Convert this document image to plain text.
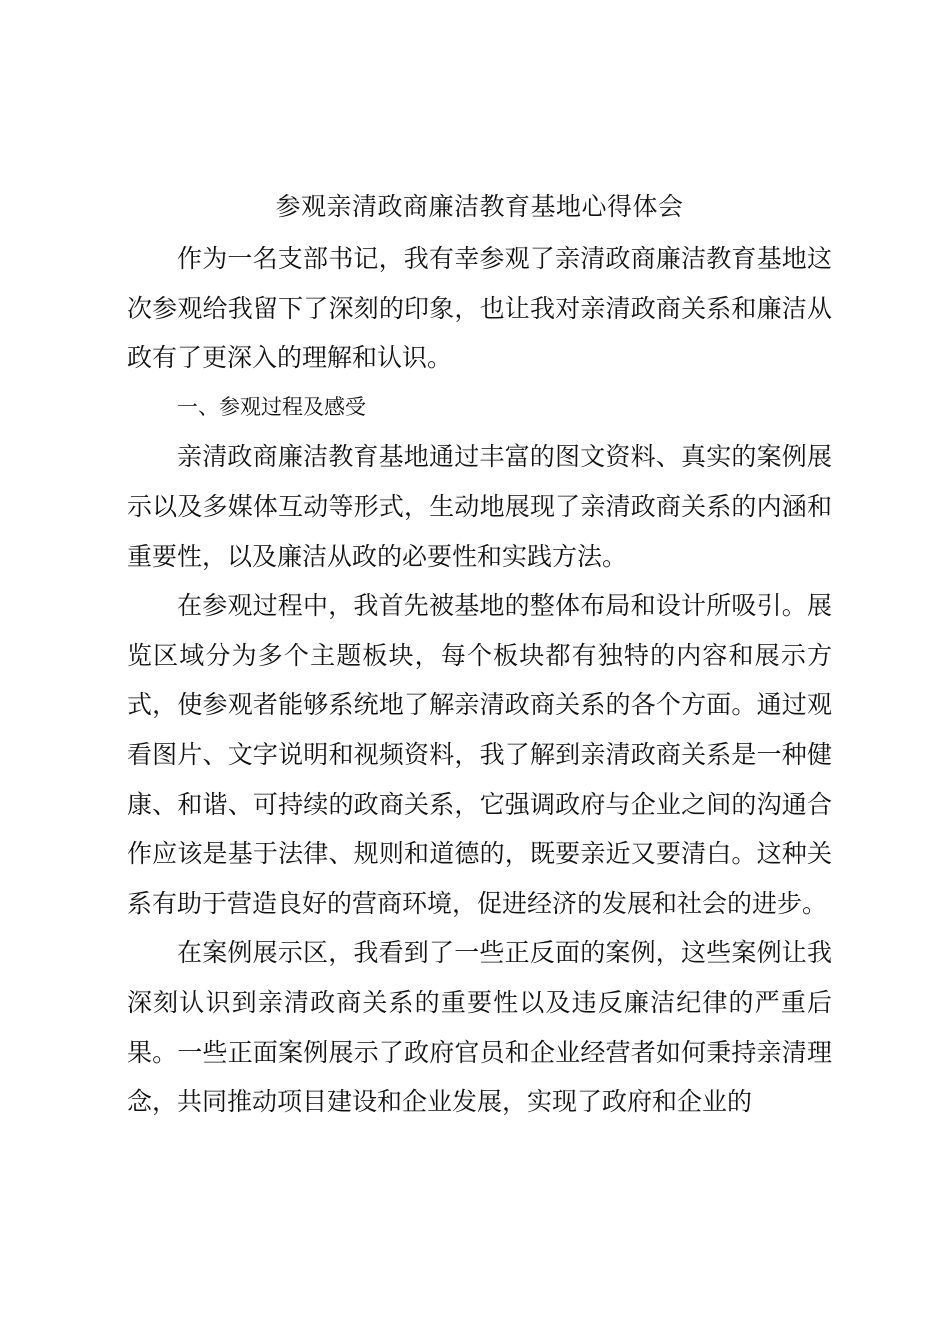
参观亲清政商廉洁教育基地心得体会

作为一名支部书记，我有幸参观了亲清政商廉洁教育基地这次参观给我留下了深刻的印象，也让我对亲清政商关系和廉洁从政有了更深入的理解和认识。

一、参观过程及感受

亲清政商廉洁教育基地通过丰富的图文资料、真实的案例展示以及多媒体互动等形式，生动地展现了亲清政商关系的内涵和重要性，以及廉洁从政的必要性和实践方法。

在参观过程中，我首先被基地的整体布局和设计所吸引。展览区域分为多个主题板块，每个板块都有独特的内容和展示方式，使参观者能够系统地了解亲清政商关系的各个方面。通过观看图片、文字说明和视频资料，我了解到亲清政商关系是一种健康、和谐、可持续的政商关系，它强调政府与企业之间的沟通合作应该是基于法律、规则和道德的，既要亲近又要清白。这种关系有助于营造良好的营商环境，促进经济的发展和社会的进步。

在案例展示区，我看到了一些正反面的案例，这些案例让我深刻认识到亲清政商关系的重要性以及违反廉洁纪律的严重后果。一些正面案例展示了政府官员和企业经营者如何秉持亲清理念，共同推动项目建设和企业发展，实现了政府和企业的
